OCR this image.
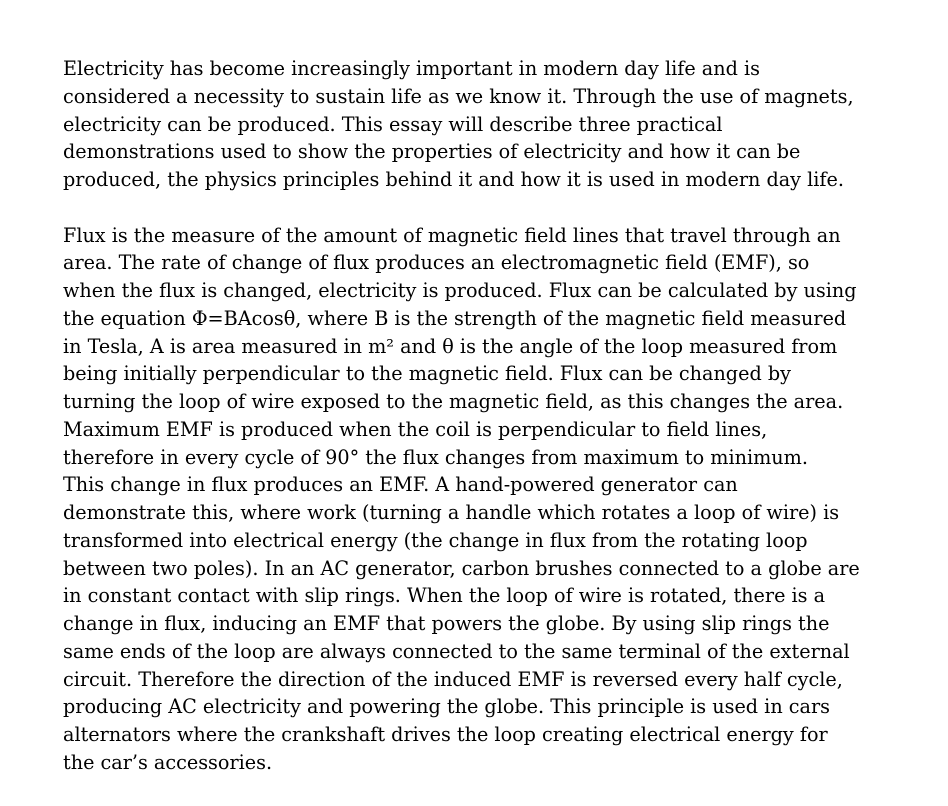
Electricity has become increasingly important in modern day life and is
considered a necessity to sustain life as we know it. Through the use of magnets,
electricity can be produced. This essay will describe three practical
demonstrations used to show the properties of electricity and how it can be
produced, the physics principles behind it and how it is used in modern day life.

Flux is the measure of the amount of magnetic field lines that travel through an
area. The rate of change of flux produces an electromagnetic field (EMF), so
when the flux is changed, electricity is produced. Flux can be calculated by using
the equation Φ=BAcosθ, where B is the strength of the magnetic field measured
in Tesla, A is area measured in m² and θ is the angle of the loop measured from
being initially perpendicular to the magnetic field. Flux can be changed by
turning the loop of wire exposed to the magnetic field, as this changes the area.
Maximum EMF is produced when the coil is perpendicular to field lines,
therefore in every cycle of 90° the flux changes from maximum to minimum.
This change in flux produces an EMF. A hand-powered generator can
demonstrate this, where work (turning a handle which rotates a loop of wire) is
transformed into electrical energy (the change in flux from the rotating loop
between two poles). In an AC generator, carbon brushes connected to a globe are
in constant contact with slip rings. When the loop of wire is rotated, there is a
change in flux, inducing an EMF that powers the globe. By using slip rings the
same ends of the loop are always connected to the same terminal of the external
circuit. Therefore the direction of the induced EMF is reversed every half cycle,
producing AC electricity and powering the globe. This principle is used in cars
alternators where the crankshaft drives the loop creating electrical energy for
the car’s accessories.
